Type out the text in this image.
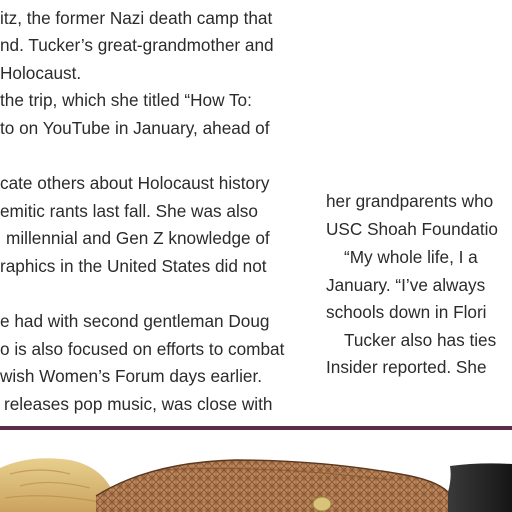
itz, the former Nazi death camp that
nd. Tucker’s great-grandmother and
Holocaust.
the trip, which she titled “How To:
to on YouTube in January, ahead of
cate others about Holocaust history
emitic rants last fall. She was also
millennial and Gen Z knowledge of
raphics in the United States did not
e had with second gentleman Doug
o is also focused on efforts to combat
wish Women’s Forum days earlier.
releases pop music, was close with
her grandparents who
USC Shoah Foundatio
“My whole life, I a
January. “I’ve always
schools down in Flori
Tucker also has ties
Insider reported. She
